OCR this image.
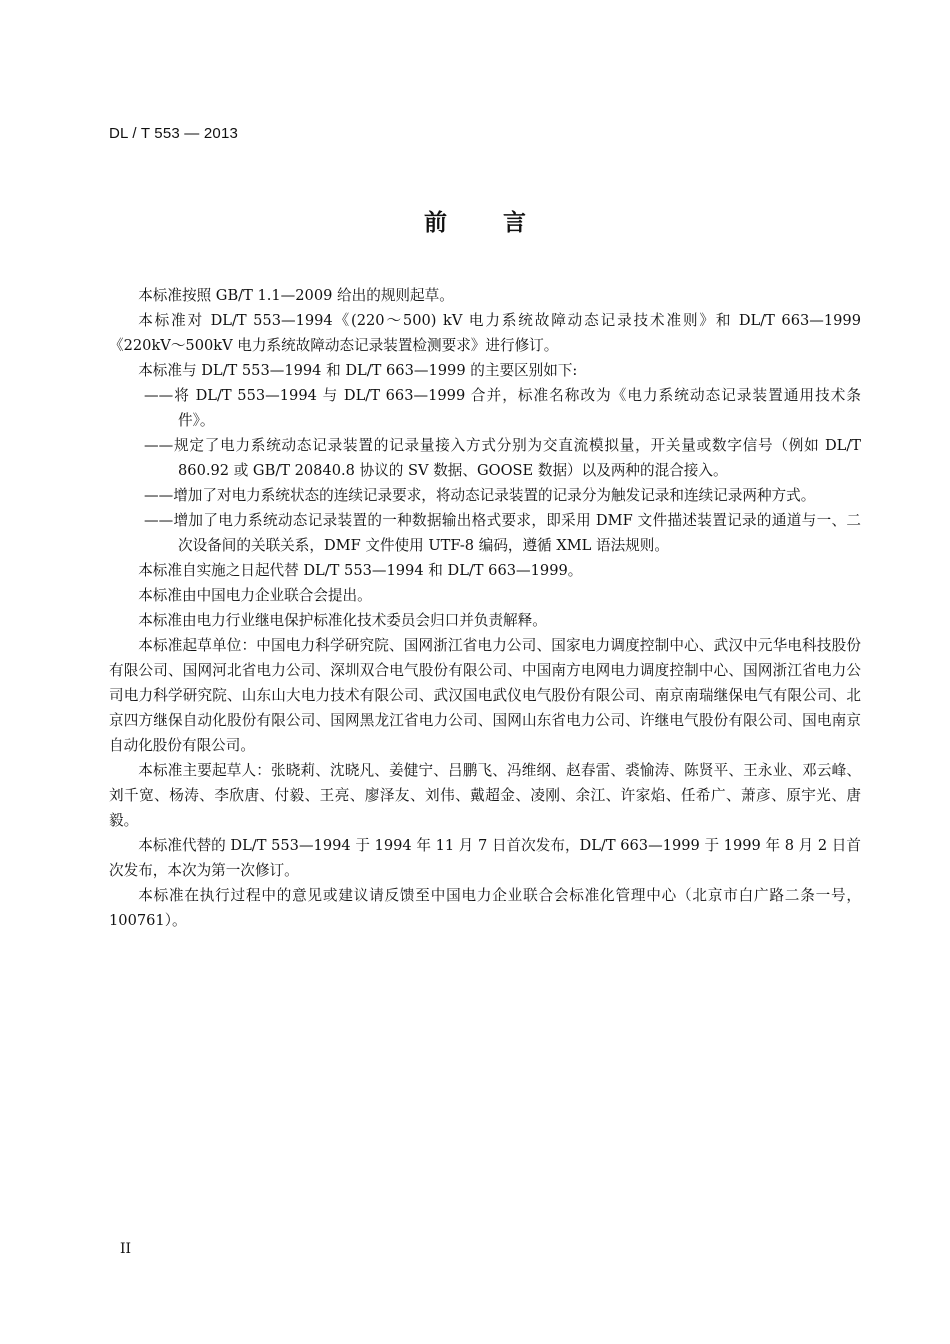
DL / T 553 — 2013
前言

本标准按照 GB/T 1.1—2009 给出的规则起草。

本标准对 DL/T 553—1994《(220～500) kV 电力系统故障动态记录技术准则》和 DL/T 663—1999《220kV～500kV 电力系统故障动态记录装置检测要求》进行修订。

本标准与 DL/T 553—1994 和 DL/T 663—1999 的主要区别如下:

——将 DL/T 553—1994 与 DL/T 663—1999 合并，标准名称改为《电力系统动态记录装置通用技术条件》。

——规定了电力系统动态记录装置的记录量接入方式分别为交直流模拟量，开关量或数字信号（例如 DL/T 860.92 或 GB/T 20840.8 协议的 SV 数据、GOOSE 数据）以及两种的混合接入。

——增加了对电力系统状态的连续记录要求，将动态记录装置的记录分为触发记录和连续记录两种方式。

——增加了电力系统动态记录装置的一种数据输出格式要求，即采用 DMF 文件描述装置记录的通道与一、二次设备间的关联关系，DMF 文件使用 UTF-8 编码，遵循 XML 语法规则。

本标准自实施之日起代替 DL/T 553—1994 和 DL/T 663—1999。

本标准由中国电力企业联合会提出。

本标准由电力行业继电保护标准化技术委员会归口并负责解释。

本标准起草单位：中国电力科学研究院、国网浙江省电力公司、国家电力调度控制中心、武汉中元华电科技股份有限公司、国网河北省电力公司、深圳双合电气股份有限公司、中国南方电网电力调度控制中心、国网浙江省电力公司电力科学研究院、山东山大电力技术有限公司、武汉国电武仪电气股份有限公司、南京南瑞继保电气有限公司、北京四方继保自动化股份有限公司、国网黑龙江省电力公司、国网山东省电力公司、许继电气股份有限公司、国电南京自动化股份有限公司。

本标准主要起草人：张晓莉、沈晓凡、姜健宁、吕鹏飞、冯维纲、赵春雷、裘愉涛、陈贤平、王永业、邓云峰、刘千宽、杨涛、李欣唐、付毅、王亮、廖泽友、刘伟、戴超金、凌刚、余江、许家焰、任希广、萧彦、原宇光、唐毅。

本标准代替的 DL/T 553—1994 于 1994 年 11 月 7 日首次发布，DL/T 663—1999 于 1999 年 8 月 2 日首次发布，本次为第一次修订。

本标准在执行过程中的意见或建议请反馈至中国电力企业联合会标准化管理中心（北京市白广路二条一号，100761）。

II
